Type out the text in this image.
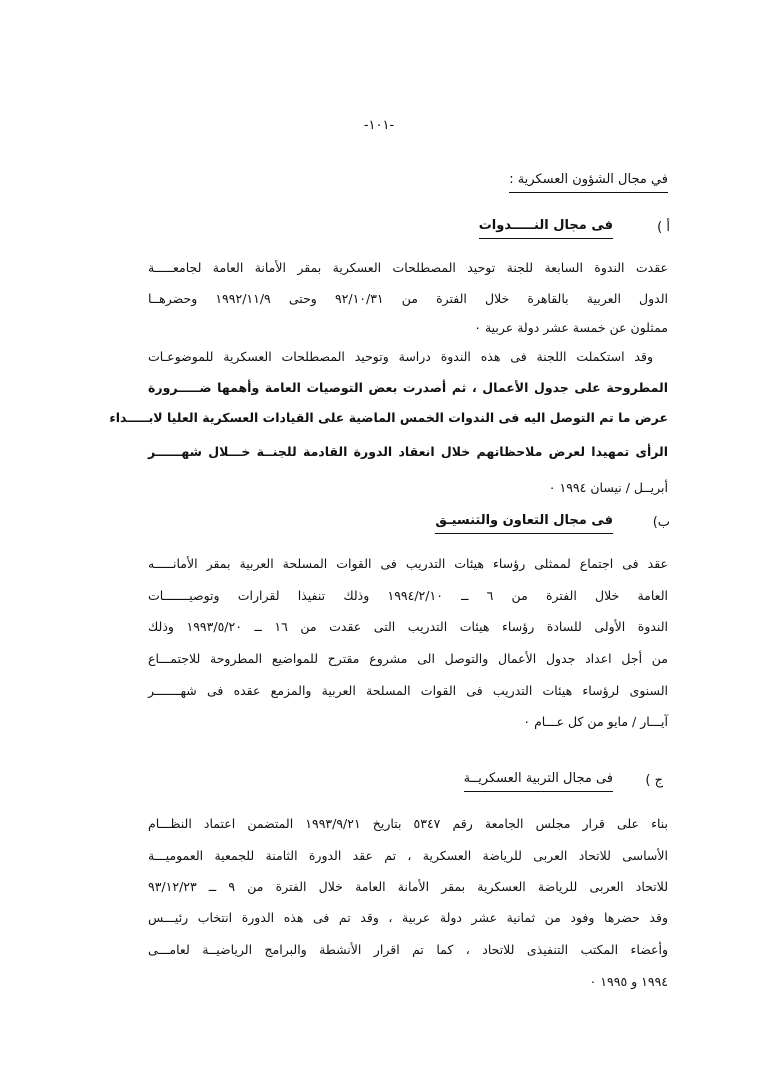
-١٠١-
في مجال الشؤون العسكرية :
أ )
فى مجال النـــــدوات
عقدت الندوة السابعة للجنة توحيد المصطلحات العسكرية بمقر الأمانة العامة لجامعـــــة
الدول العربية بالقاهرة خلال الفترة من ٩٢/١٠/٣١ وحتى ١٩٩٢/١١/٩ وحضرهــا
ممثلون عن خمسة عشر دولة عربية ٠
وقد استكملت اللجنة فى هذه الندوة دراسة وتوحيد المصطلحات العسكرية للموضوعـات
المطروحة على جدول الأعمال ، ثم أصدرت بعض التوصيات العامة وأهمها ضـــــرورة
عرض ما تم التوصل اليه فى الندوات الخمس الماضية على القيادات العسكرية العليا لابـــــداء
الرأى تمهيدا لعرض ملاحظاتهم خلال انعقاد الدورة القادمة للجنــة خـــلال شهــــــر
أبريــل / نيسان ١٩٩٤ ٠
ب)
فى مجال التعاون والتنسيـق
عقد فى اجتماع لممثلى رؤساء هيئات التدريب فى القوات المسلحة العربية بمقر الأمانـــــه
العامة خلال الفترة من ٦ ــ ١٩٩٤/٢/١٠ وذلك تنفيذا لقرارات وتوصيـــــــات
الندوة الأولى للسادة رؤساء هيئات التدريب التى عقدت من ١٦ ــ ١٩٩٣/٥/٢٠ وذلك
من أجل اعداد جدول الأعمال والتوصل الى مشروع مقترح للمواضيع المطروحة للاجتمـــاع
السنوى لرؤساء هيئات التدريب فى القوات المسلحة العربية والمزمع عقده فى شهـــــــر
آيـــار / مايو من كل عـــام ٠
ج )
فى مجال التربية العسكريــة
بناء على قرار مجلس الجامعة رقم ٥٣٤٧ بتاريخ ١٩٩٣/٩/٢١ المتضمن اعتماد النظـــام
الأساسى للاتحاد العربى للرياضة العسكرية ، تم عقد الدورة الثامنة للجمعية العموميـــة
للاتحاد العربى للرياضة العسكرية بمقر الأمانة العامة خلال الفترة من ٩ ــ ٩٣/١٢/٢٣
وقد حضرها وفود من ثمانية عشر دولة عربية ، وقد تم فى هذه الدورة انتخاب رئيـــس
وأعضاء المكتب التنفيذى للاتحاد ، كما تم اقرار الأنشطة والبرامج الرياضيــة لعامـــى
١٩٩٤ و ١٩٩٥ ٠
